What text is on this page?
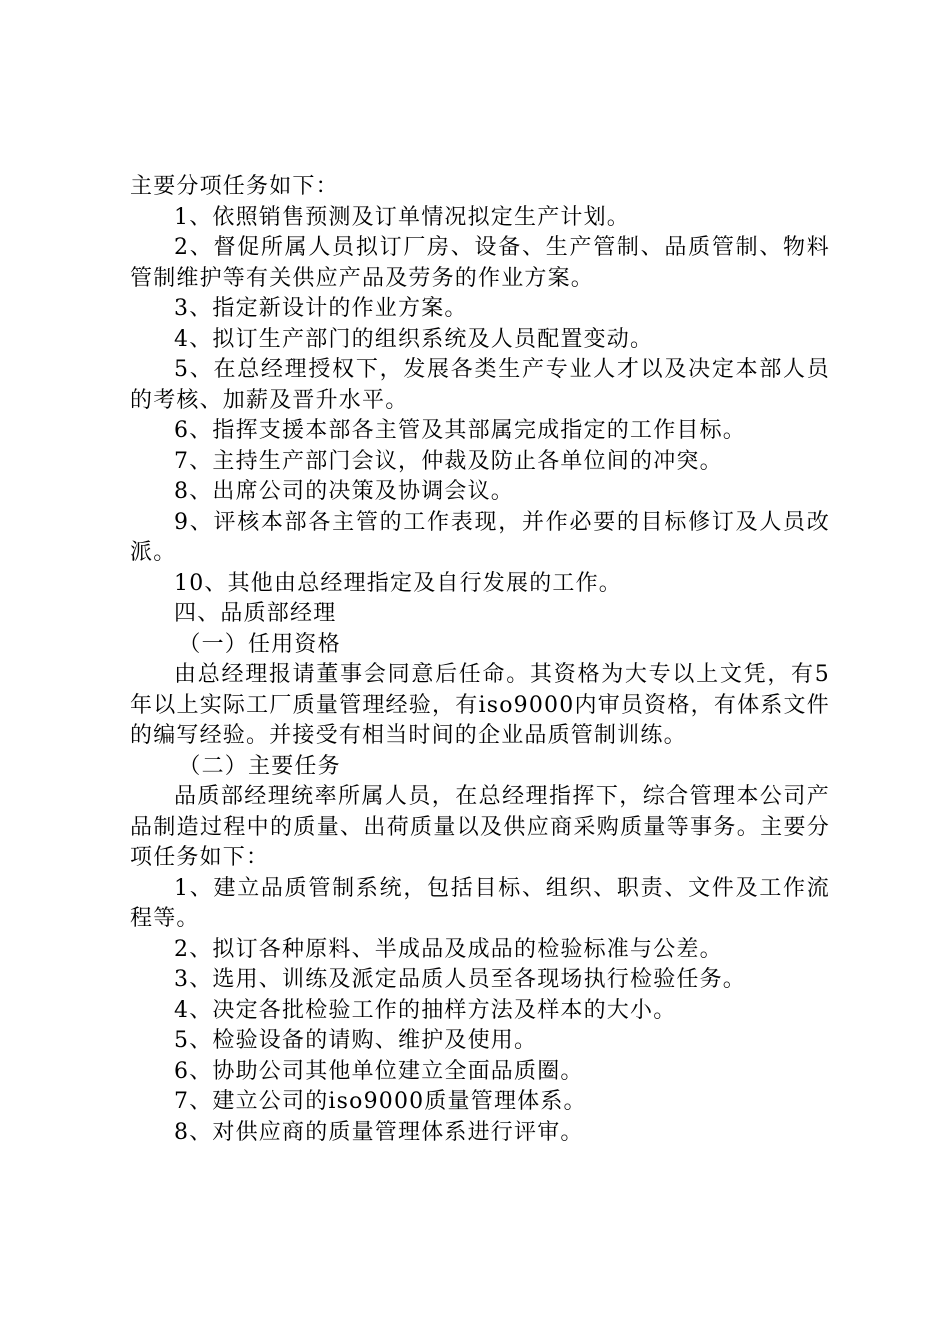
主要分项任务如下：

1、依照销售预测及订单情况拟定生产计划。

2、督促所属人员拟订厂房、设备、生产管制、品质管制、物料管制维护等有关供应产品及劳务的作业方案。

3、指定新设计的作业方案。

4、拟订生产部门的组织系统及人员配置变动。

5、在总经理授权下，发展各类生产专业人才以及决定本部人员的考核、加薪及晋升水平。

6、指挥支援本部各主管及其部属完成指定的工作目标。

7、主持生产部门会议，仲裁及防止各单位间的冲突。

8、出席公司的决策及协调会议。

9、评核本部各主管的工作表现，并作必要的目标修订及人员改派。

10、其他由总经理指定及自行发展的工作。

四、品质部经理

（一）任用资格

由总经理报请董事会同意后任命。其资格为大专以上文凭，有5年以上实际工厂质量管理经验，有iso9000内审员资格，有体系文件的编写经验。并接受有相当时间的企业品质管制训练。

（二）主要任务

品质部经理统率所属人员，在总经理指挥下，综合管理本公司产品制造过程中的质量、出荷质量以及供应商采购质量等事务。主要分项任务如下：

1、建立品质管制系统，包括目标、组织、职责、文件及工作流程等。

2、拟订各种原料、半成品及成品的检验标准与公差。

3、选用、训练及派定品质人员至各现场执行检验任务。

4、决定各批检验工作的抽样方法及样本的大小。

5、检验设备的请购、维护及使用。

6、协助公司其他单位建立全面品质圈。

7、建立公司的iso9000质量管理体系。

8、对供应商的质量管理体系进行评审。
